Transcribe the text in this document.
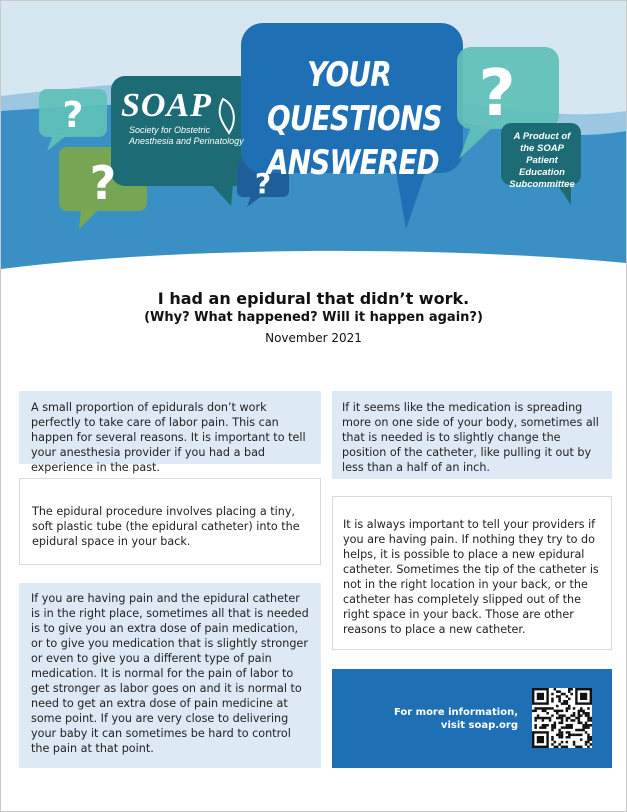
?
?	?
?
SOAP
Society for Obstetric
Anesthesia and Perinatology
YOUR QUESTIONS
ANSWERED
A Product of
the SOAP Patient
Education
Subcommittee
I had an epidural that didn’t work.
(Why? What happened? Will it happen again?)
November 2021
A small proportion of epidurals don’t work perfectly to take care of labor pain. This can happen for several reasons. It is important to tell your anesthesia provider if you had a bad experience in the past.
The epidural procedure involves placing a tiny, soft plastic tube (the epidural catheter) into the epidural space in your back.
If you are having pain and the epidural catheter is in the right place, sometimes all that is needed is to give you an extra dose of pain medication, or to give you medication that is slightly stronger or even to give you a different type of pain medication. It is normal for the pain of labor to get stronger as labor goes on and it is normal to need to get an extra dose of pain medicine at some point. If you are very close to delivering your baby it can sometimes be hard to control the pain at that point.
If it seems like the medication is spreading more on one side of your body, sometimes all that is needed is to slightly change the position of the catheter, like pulling it out by less than a half of an inch.
It is always important to tell your providers if you are having pain. If nothing they try to do helps, it is possible to place a new epidural catheter. Sometimes the tip of the catheter is not in the right location in your back, or the catheter has completely slipped out of the right space in your back. Those are other reasons to place a new catheter.
For more information,
visit soap.org
